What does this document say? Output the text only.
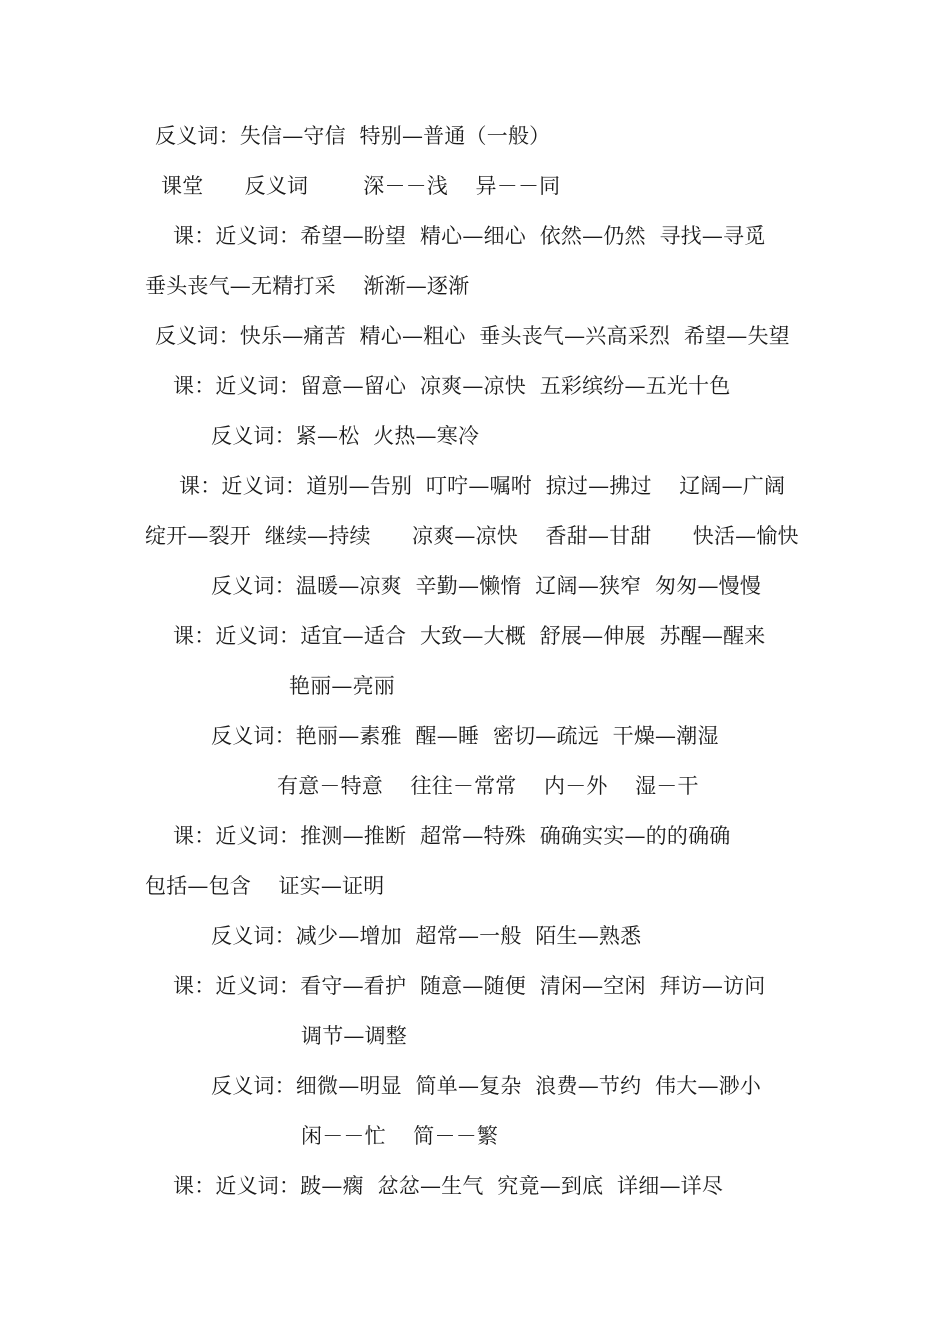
反义词：失信—守信  特别—普通（一般）
课堂      反义词        深－－浅    异－－同
课：近义词：希望—盼望  精心—细心  依然—仍然  寻找—寻觅
垂头丧气—无精打采    渐渐—逐渐
反义词：快乐—痛苦  精心—粗心  垂头丧气—兴高采烈  希望—失望
课：近义词：留意—留心  凉爽—凉快  五彩缤纷—五光十色
反义词：紧—松  火热—寒冷
课：近义词：道别—告别  叮咛—嘱咐  掠过—拂过    辽阔—广阔
绽开—裂开  继续—持续      凉爽—凉快    香甜—甘甜      快活—愉快
反义词：温暖—凉爽  辛勤—懒惰  辽阔—狭窄  匆匆—慢慢
课：近义词：适宜—适合  大致—大概  舒展—伸展  苏醒—醒来
艳丽—亮丽
反义词：艳丽—素雅  醒—睡  密切—疏远  干燥—潮湿
有意－特意    往往－常常    内－外    湿－干
课：近义词：推测—推断  超常—特殊  确确实实—的的确确
包括—包含    证实—证明
反义词：减少—增加  超常—一般  陌生—熟悉
课：近义词：看守—看护  随意—随便  清闲—空闲  拜访—访问
调节—调整
反义词：细微—明显  简单—复杂  浪费—节约  伟大—渺小
闲－－忙    简－－繁
课：近义词：跛—瘸  忿忿—生气  究竟—到底  详细—详尽
